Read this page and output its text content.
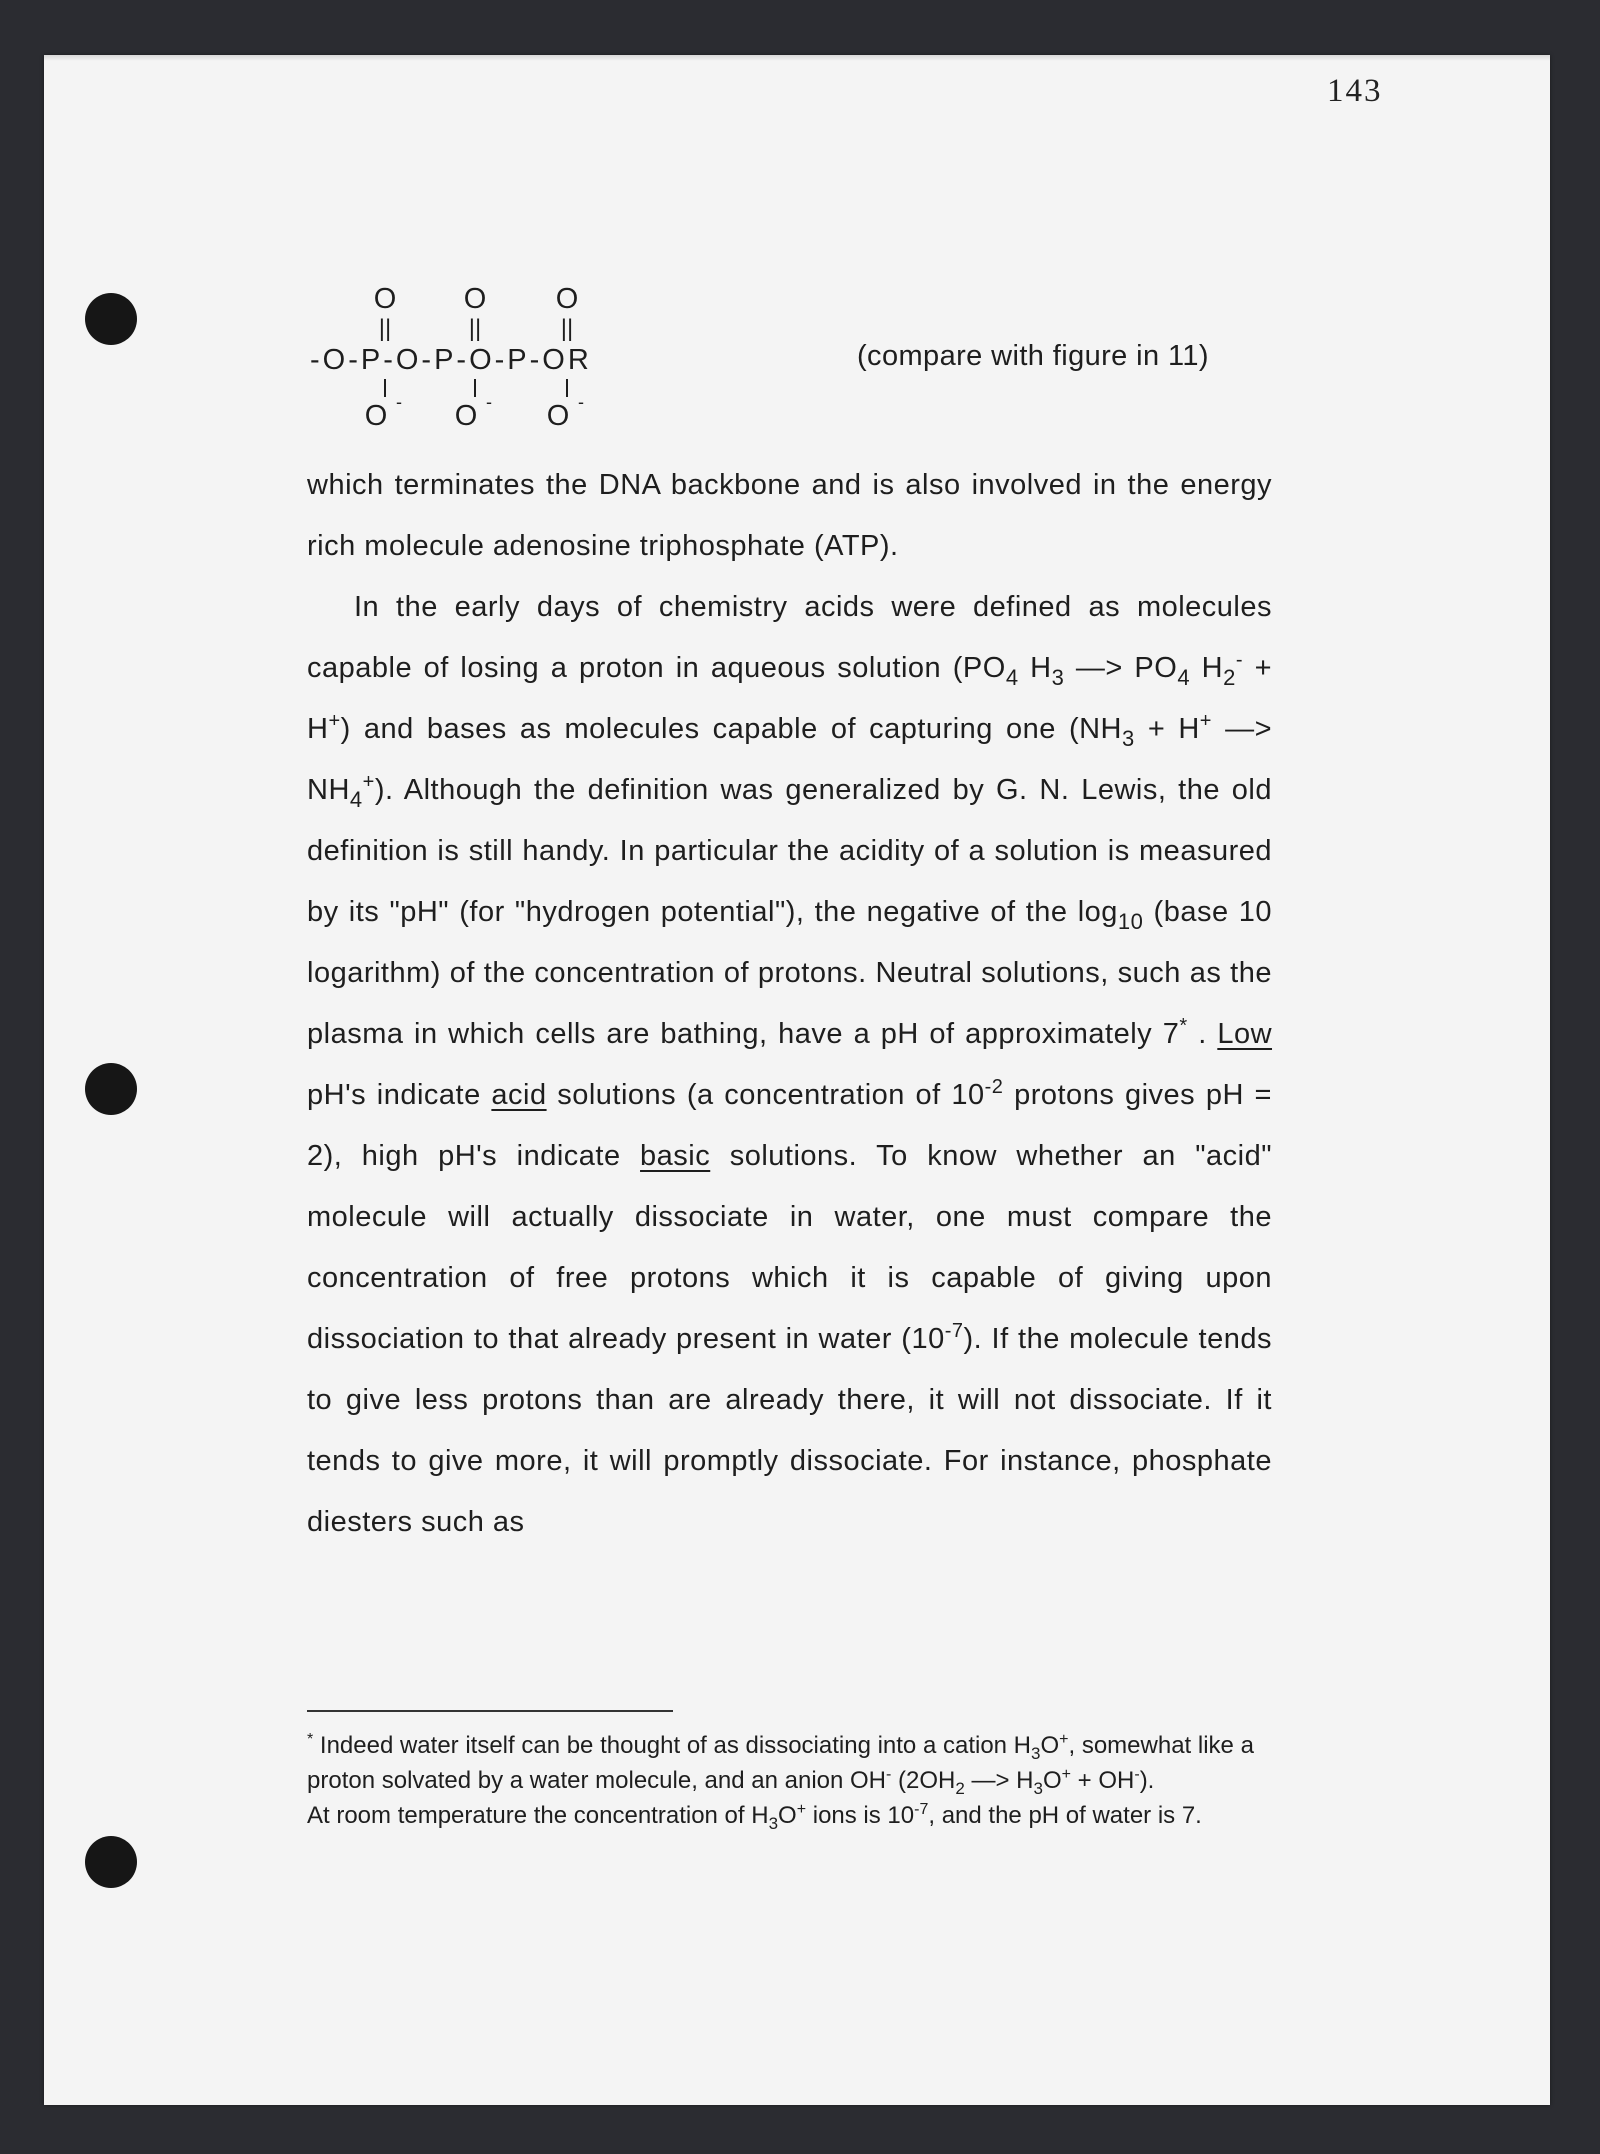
143
O O O
||	||	||
-O-P-O-P-O-P-OR
O - O - O -
(compare with figure in 11)

which terminates the DNA backbone and is also involved in the energy rich molecule adenosine triphosphate (ATP).

In the early days of chemistry acids were defined as molecules capable of losing a proton in aqueous solution ($PO_4$ $H_3$ —> $PO_4$ $H_2^- + H^+$) and bases as molecules capable of capturing one ($NH_3 + H^+$ —> $NH_4^+$). Although the definition was generalized by G. N. Lewis, the old definition is still handy. In particular the acidity of a solution is measured by its "pH" (for "hydrogen potential"), the negative of the $\log_{10}$ (base 10 logarithm) of the concentration of protons. Neutral solutions, such as the plasma in which cells are bathing, have a pH of approximately 7* . Low pH's indicate acid solutions (a concentration of $10^{-2}$ protons gives pH = 2), high pH's indicate basic solutions. To know whether an "acid" molecule will actually dissociate in water, one must compare the concentration of free protons which it is capable of giving upon dissociation to that already present in water $(10^{-7})$. If the molecule tends to give less protons than are already there, it will not dissociate. If it tends to give more, it will promptly dissociate. For instance, phosphate diesters such as

* Indeed water itself can be thought of as dissociating into a cation $H_3O^+$, somewhat like a proton solvated by a water molecule, and an anion OH- ($2OH_2$ —> $H_3O^+ + OH^-$).
At room temperature the concentration of $H_3O^+$ ions is $10^{-7}$, and the pH of water is 7.
